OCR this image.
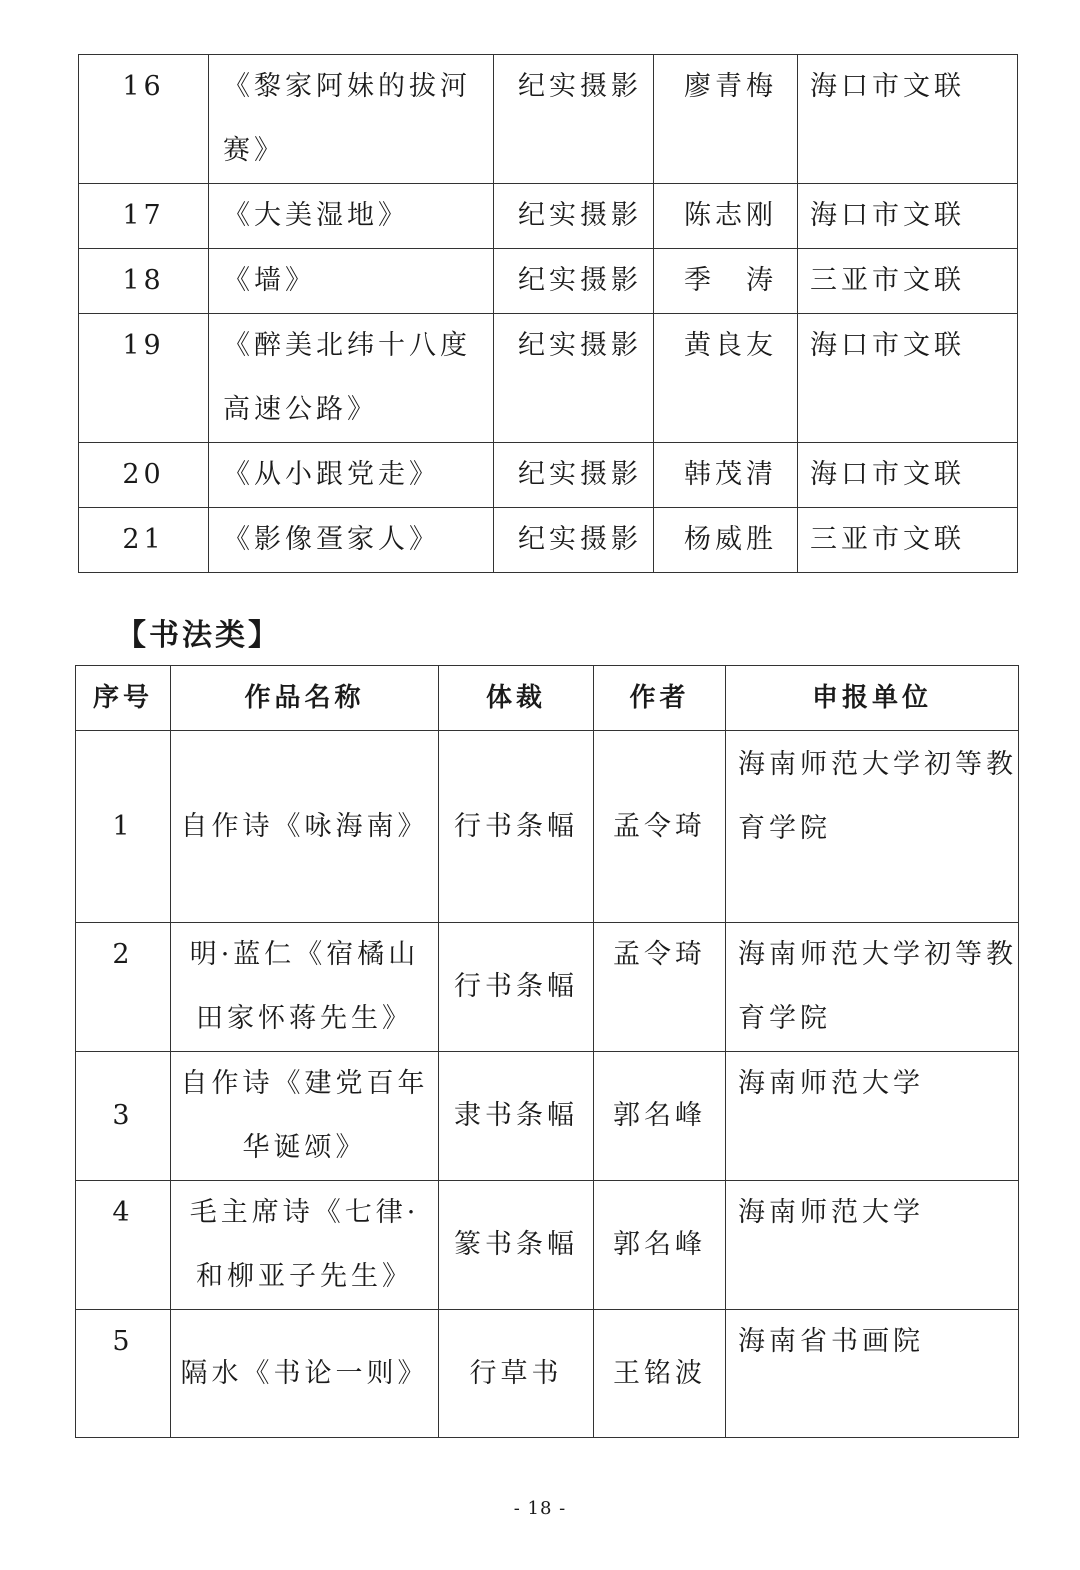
16	《黎家阿妹的拔河赛》	纪实摄影	廖青梅	海口市文联
17	《大美湿地》	纪实摄影	陈志刚	海口市文联
18	《墙》	纪实摄影	季　涛	三亚市文联
19	《醉美北纬十八度高速公路》	纪实摄影	黄良友	海口市文联
20	《从小跟党走》	纪实摄影	韩茂清	海口市文联
21	《影像疍家人》	纪实摄影	杨威胜	三亚市文联
【书法类】
序号	作品名称	体裁	作者	申报单位
1	自作诗《咏海南》	行书条幅	孟令琦	海南师范大学初等教育学院
2	明·蓝仁《宿橘山田家怀蒋先生》	行书条幅	孟令琦	海南师范大学初等教育学院
3	自作诗《建党百年华诞颂》	隶书条幅	郭名峰	海南师范大学
4	毛主席诗《七律·和柳亚子先生》	篆书条幅	郭名峰	海南师范大学
5	隔水《书论一则》	行草书	王铭波	海南省书画院
- 18 -
